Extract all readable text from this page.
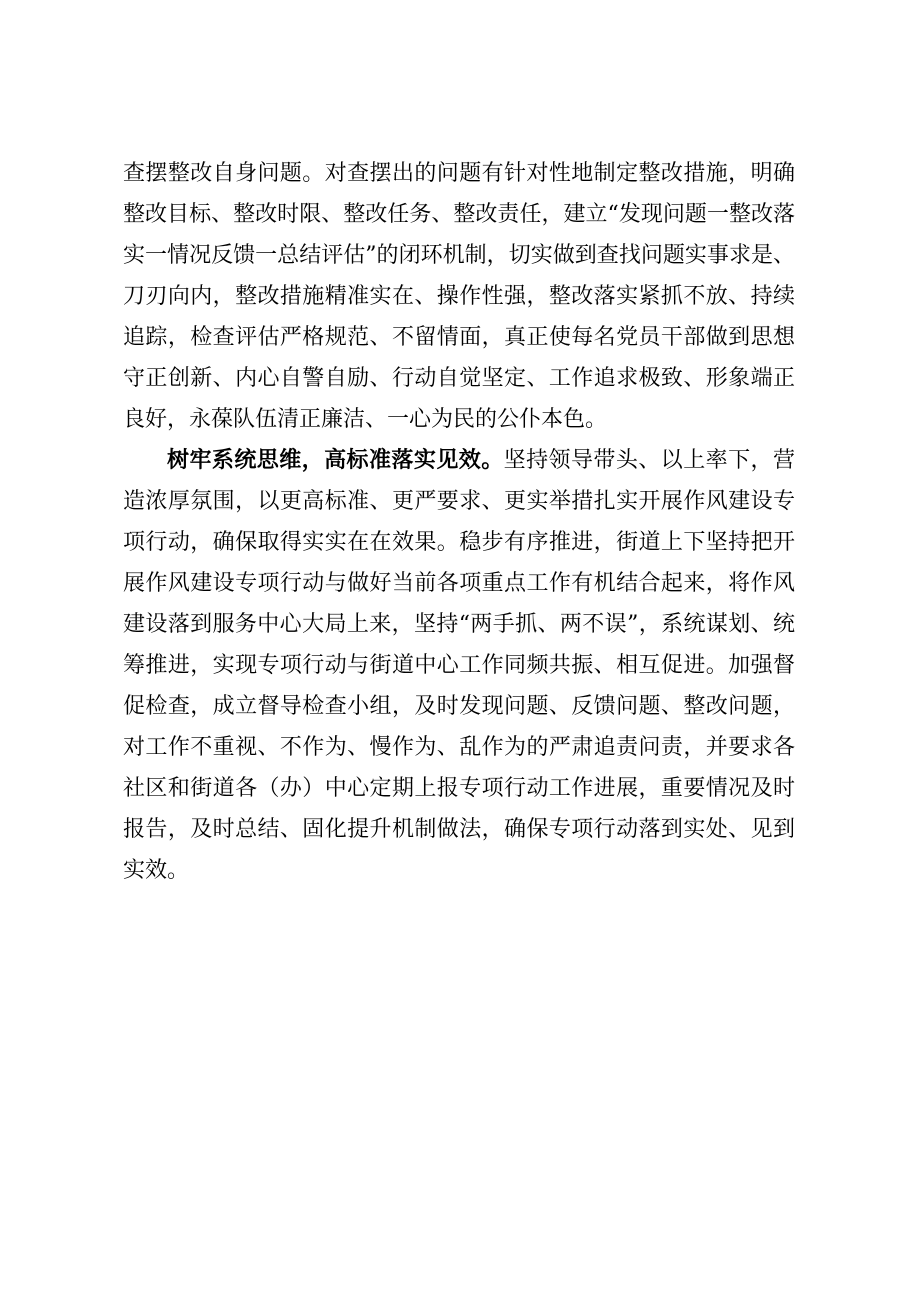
查摆整改自身问题。对查摆出的问题有针对性地制定整改措施，明确整改目标、整改时限、整改任务、整改责任，建立“发现问题一整改落实一情况反馈一总结评估”的闭环机制，切实做到查找问题实事求是、刀刃向内，整改措施精准实在、操作性强，整改落实紧抓不放、持续追踪，检查评估严格规范、不留情面，真正使每名党员干部做到思想守正创新、内心自警自励、行动自觉坚定、工作追求极致、形象端正良好，永葆队伍清正廉洁、一心为民的公仆本色。

树牢系统思维，高标准落实见效。坚持领导带头、以上率下，营造浓厚氛围，以更高标准、更严要求、更实举措扎实开展作风建设专项行动，确保取得实实在在效果。稳步有序推进，街道上下坚持把开展作风建设专项行动与做好当前各项重点工作有机结合起来，将作风建设落到服务中心大局上来，坚持“两手抓、两不误”，系统谋划、统筹推进，实现专项行动与街道中心工作同频共振、相互促进。加强督促检查，成立督导检查小组，及时发现问题、反馈问题、整改问题，对工作不重视、不作为、慢作为、乱作为的严肃追责问责，并要求各社区和街道各（办）中心定期上报专项行动工作进展，重要情况及时报告，及时总结、固化提升机制做法，确保专项行动落到实处、见到实效。
